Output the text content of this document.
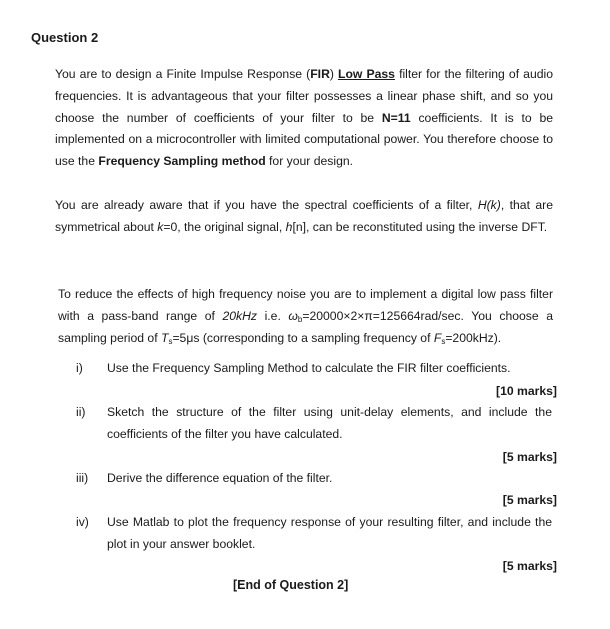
Question 2
You are to design a Finite Impulse Response (FIR) Low Pass filter for the filtering of audio frequencies. It is advantageous that your filter possesses a linear phase shift, and so you choose the number of coefficients of your filter to be N=11 coefficients. It is to be implemented on a microcontroller with limited computational power. You therefore choose to use the Frequency Sampling method for your design.
You are already aware that if you have the spectral coefficients of a filter, H(k), that are symmetrical about k=0, the original signal, h[n], can be reconstituted using the inverse DFT.
To reduce the effects of high frequency noise you are to implement a digital low pass filter with a pass-band range of 20kHz i.e. $\omega_b=20000\times 2\times\pi=125664rad/\sec$. You choose a sampling period of $T_s=5\mu s$ (corresponding to a sampling frequency of $F_s=200kHz$).
i) Use the Frequency Sampling Method to calculate the FIR filter coefficients.
[10 marks]
ii) Sketch the structure of the filter using unit-delay elements, and include the coefficients of the filter you have calculated.
[5 marks]
iii) Derive the difference equation of the filter.
[5 marks]
iv) Use Matlab to plot the frequency response of your resulting filter, and include the plot in your answer booklet.
[5 marks]
[End of Question 2]
